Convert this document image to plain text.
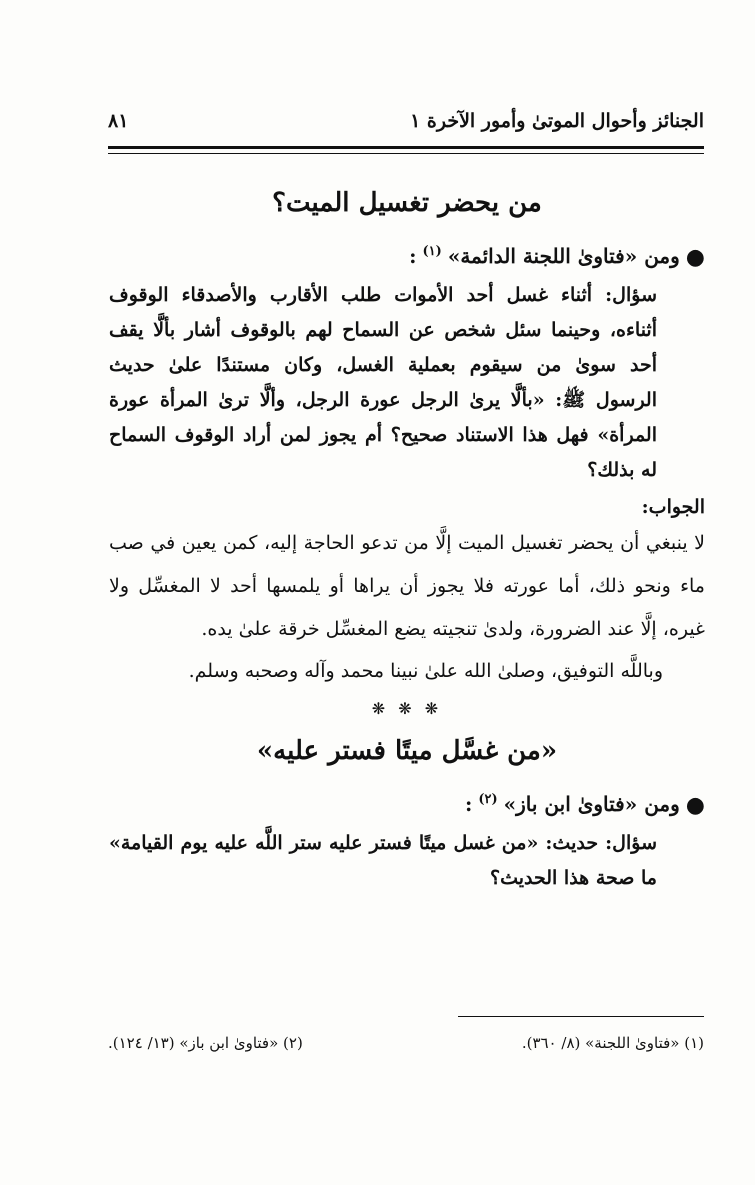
الجنائز وأحوال الموتىٰ وأمور الآخرة ١
٨١
من يحضر تغسيل الميت؟
●
ومن «فتاوىٰ اللجنة الدائمة»
(١)
:
سؤال: أثناء غسل أحد الأموات طلب الأقارب والأصدقاء الوقوف أثناءه، وحينما سئل شخص عن السماح لهم بالوقوف أشار بألَّا يقف أحد سوىٰ من سيقوم بعملية الغسل، وكان مستندًا علىٰ حديث الرسول ﷺ: «بألَّا يرىٰ الرجل عورة الرجل، وألَّا ترىٰ المرأة عورة المرأة» فهل هذا الاستناد صحيح؟ أم يجوز لمن أراد الوقوف السماح له بذلك؟
الجواب:
لا ينبغي أن يحضر تغسيل الميت إلَّا من تدعو الحاجة إليه، كمن يعين في صب ماء ونحو ذلك، أما عورته فلا يجوز أن يراها أو يلمسها أحد لا المغسِّل ولا غيره، إلَّا عند الضرورة، ولدىٰ تنجيته يضع المغسِّل خرقة علىٰ يده.
وباللَّه التوفيق، وصلىٰ الله علىٰ نبينا محمد وآله وصحبه وسلم.
❋ ❋ ❋
«من غسَّل ميتًا فستر عليه»
●
ومن «فتاوىٰ ابن باز»
(٢)
:
سؤال: حديث: «من غسل ميتًا فستر عليه ستر اللَّه عليه يوم القيامة» ما صحة هذا الحديث؟
(١) «فتاوىٰ اللجنة» (٨/ ٣٦٠).
(٢) «فتاوىٰ ابن باز» (١٣/ ١٢٤).
